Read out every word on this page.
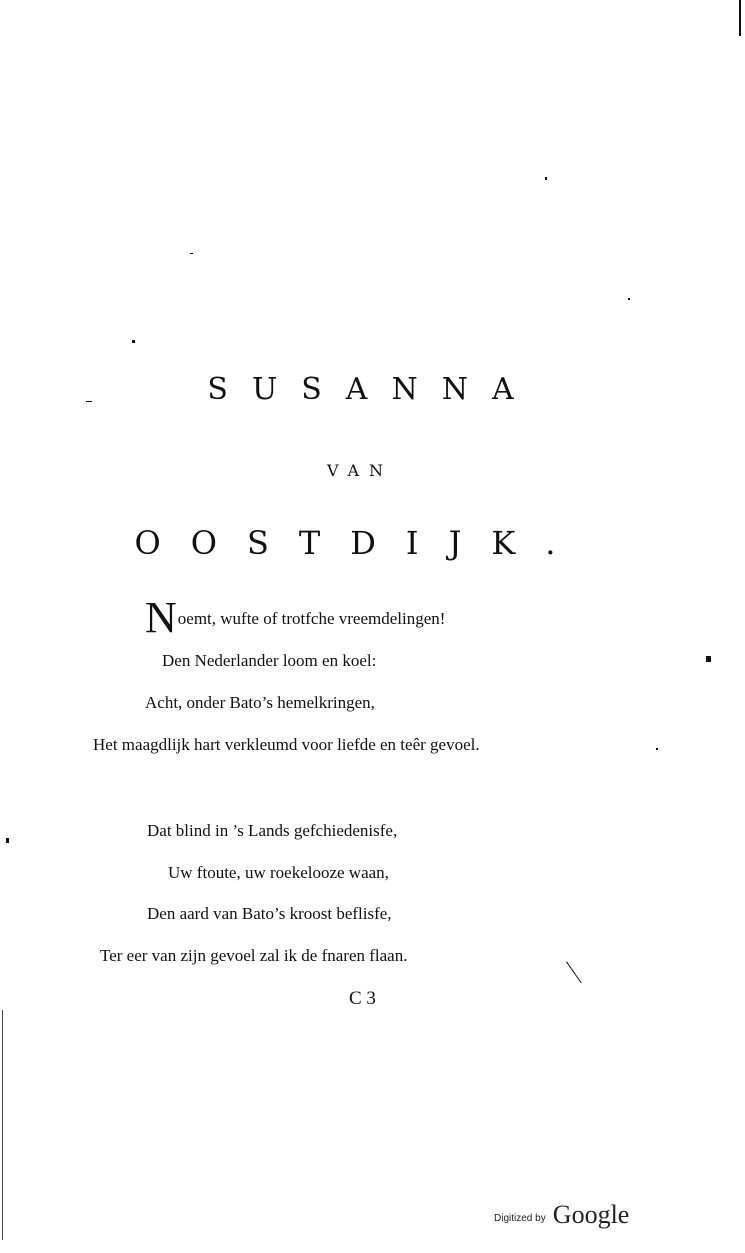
SUSANNA
VAN
OOSTDIJK.
Noemt, wufte of trotfche vreemdelingen!
Den Nederlander loom en koel:
Acht, onder Bato’s hemelkringen,
Het maagdlijk hart verkleumd voor liefde en teêr gevoel.
Dat blind in ’s Lands gefchiedenisfe,
Uw ftoute, uw roekelooze waan,
Den aard van Bato’s kroost beflisfe,
Ter eer van zijn gevoel zal ik de fnaren flaan.
C 3
Digitized by Google
